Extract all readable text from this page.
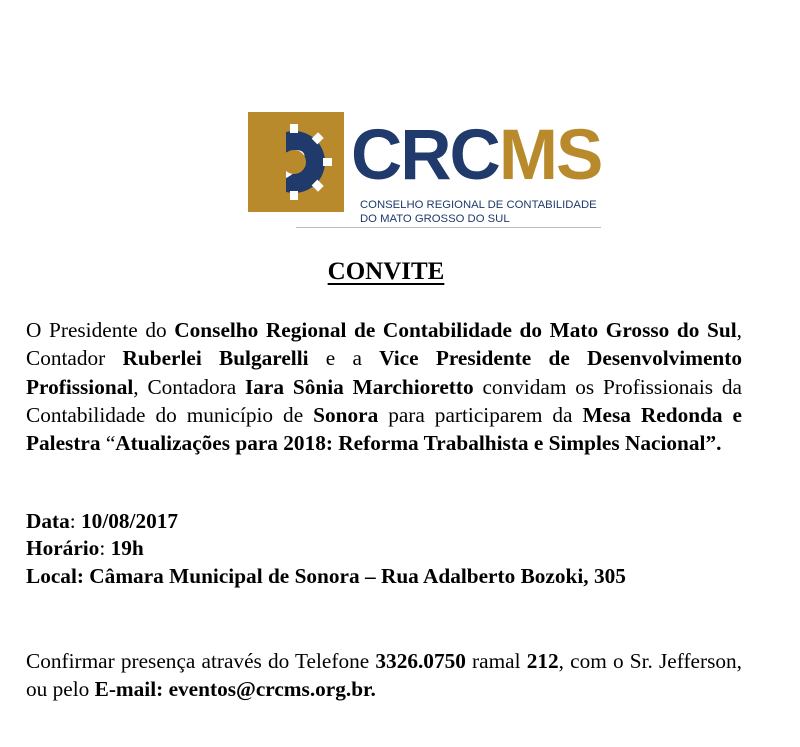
CRCMS
CONSELHO REGIONAL DE CONTABILIDADE
DO MATO GROSSO DO SUL
CONVITE
O Presidente do Conselho Regional de Contabilidade do Mato Grosso do Sul, Contador Ruberlei Bulgarelli e a Vice Presidente de Desenvolvimento Profissional, Contadora Iara Sônia Marchioretto convidam os Profissionais da Contabilidade do município de Sonora para participarem da Mesa Redonda e Palestra “Atualizações para 2018: Reforma Trabalhista e Simples Nacional”.
Data: 10/08/2017
Horário: 19h
Local: Câmara Municipal de Sonora – Rua Adalberto Bozoki, 305
Confirmar presença através do Telefone 3326.0750 ramal 212, com o Sr. Jefferson, ou pelo E-mail: eventos@crcms.org.br.
